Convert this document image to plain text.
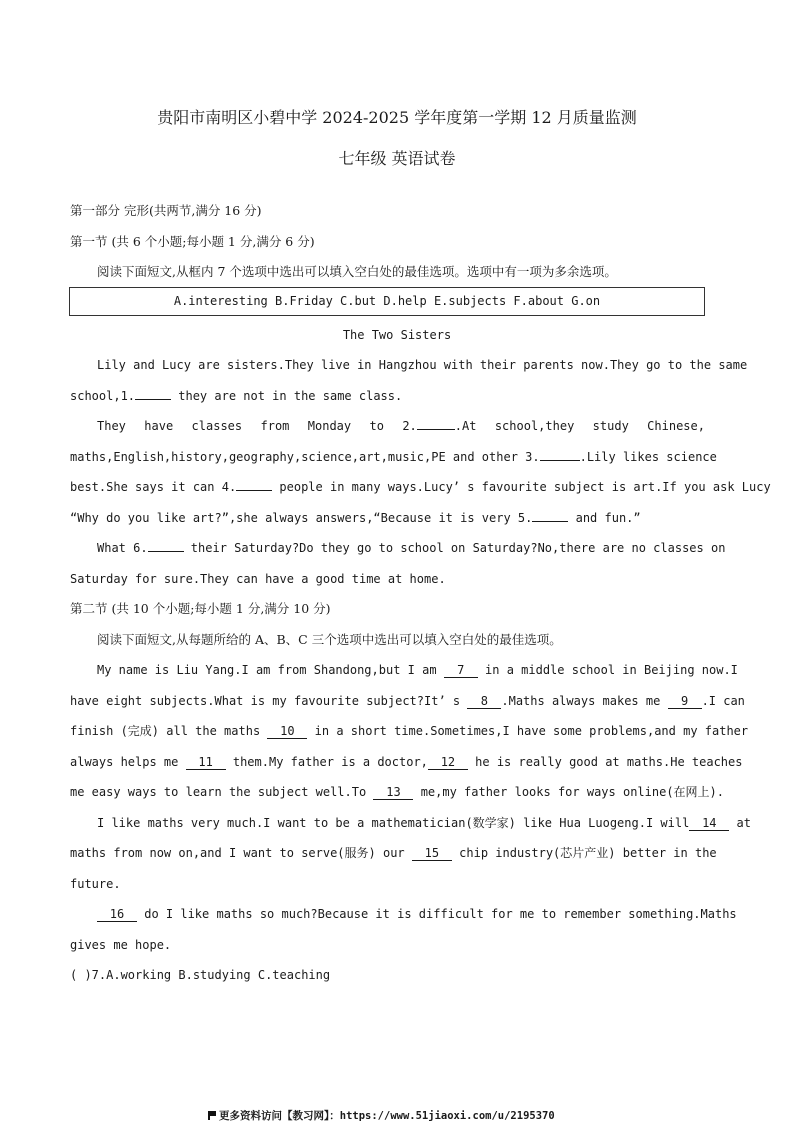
贵阳市南明区小碧中学 2024-2025 学年度第一学期 12 月质量监测
七年级 英语试卷
第一部分 完形(共两节,满分 16 分)
第一节 (共 6 个小题;每小题 1 分,满分 6 分)
阅读下面短文,从框内 7 个选项中选出可以填入空白处的最佳选项。选项中有一项为多余选项。
A.interesting B.Friday C.but D.help E.subjects F.about G.on
The Two Sisters
Lily and Lucy are sisters.They live in Hangzhou with their parents now.They go to the same
school,1.	they are not in the same class.
They have classes from Monday to 2.	.At school,they study Chinese,
maths,English,history,geography,science,art,music,PE and other 3.	.Lily likes science
best.She says it can 4.	people in many ways.Lucy’ s favourite subject is art.If you ask Lucy
“Why do you like art?”,she always answers,“Because it is very 5.	and fun.”
What 6.	their Saturday?Do they go to school on Saturday?No,there are no classes on
Saturday for sure.They can have a good time at home.
第二节 (共 10 个小题;每小题 1 分,满分 10 分)
阅读下面短文,从每题所给的 A、B、C 三个选项中选出可以填入空白处的最佳选项。
My name is Liu Yang.I am from Shandong,but I am 7 in a middle school in Beijing now.I
have eight subjects.What is my favourite subject?It’ s 8 .Maths always makes me 9 .I can
finish (完成) all the maths 10 in a short time.Sometimes,I have some problems,and my father
always helps me 11 them.My father is a doctor, 12 he is really good at maths.He teaches
me easy ways to learn the subject well.To 13 me,my father looks for ways online(在网上).
I like maths very much.I want to be a mathematician(数学家) like Hua Luogeng.I will 14 at
maths from now on,and I want to serve(服务) our 15 chip industry(芯片产业) better in the
future.
16 do I like maths so much?Because it is difficult for me to remember something.Maths
gives me hope.
( )7.A.working B.studying C.teaching
更多资料访问【教习网】：https://www.51jiaoxi.com/u/2195370
